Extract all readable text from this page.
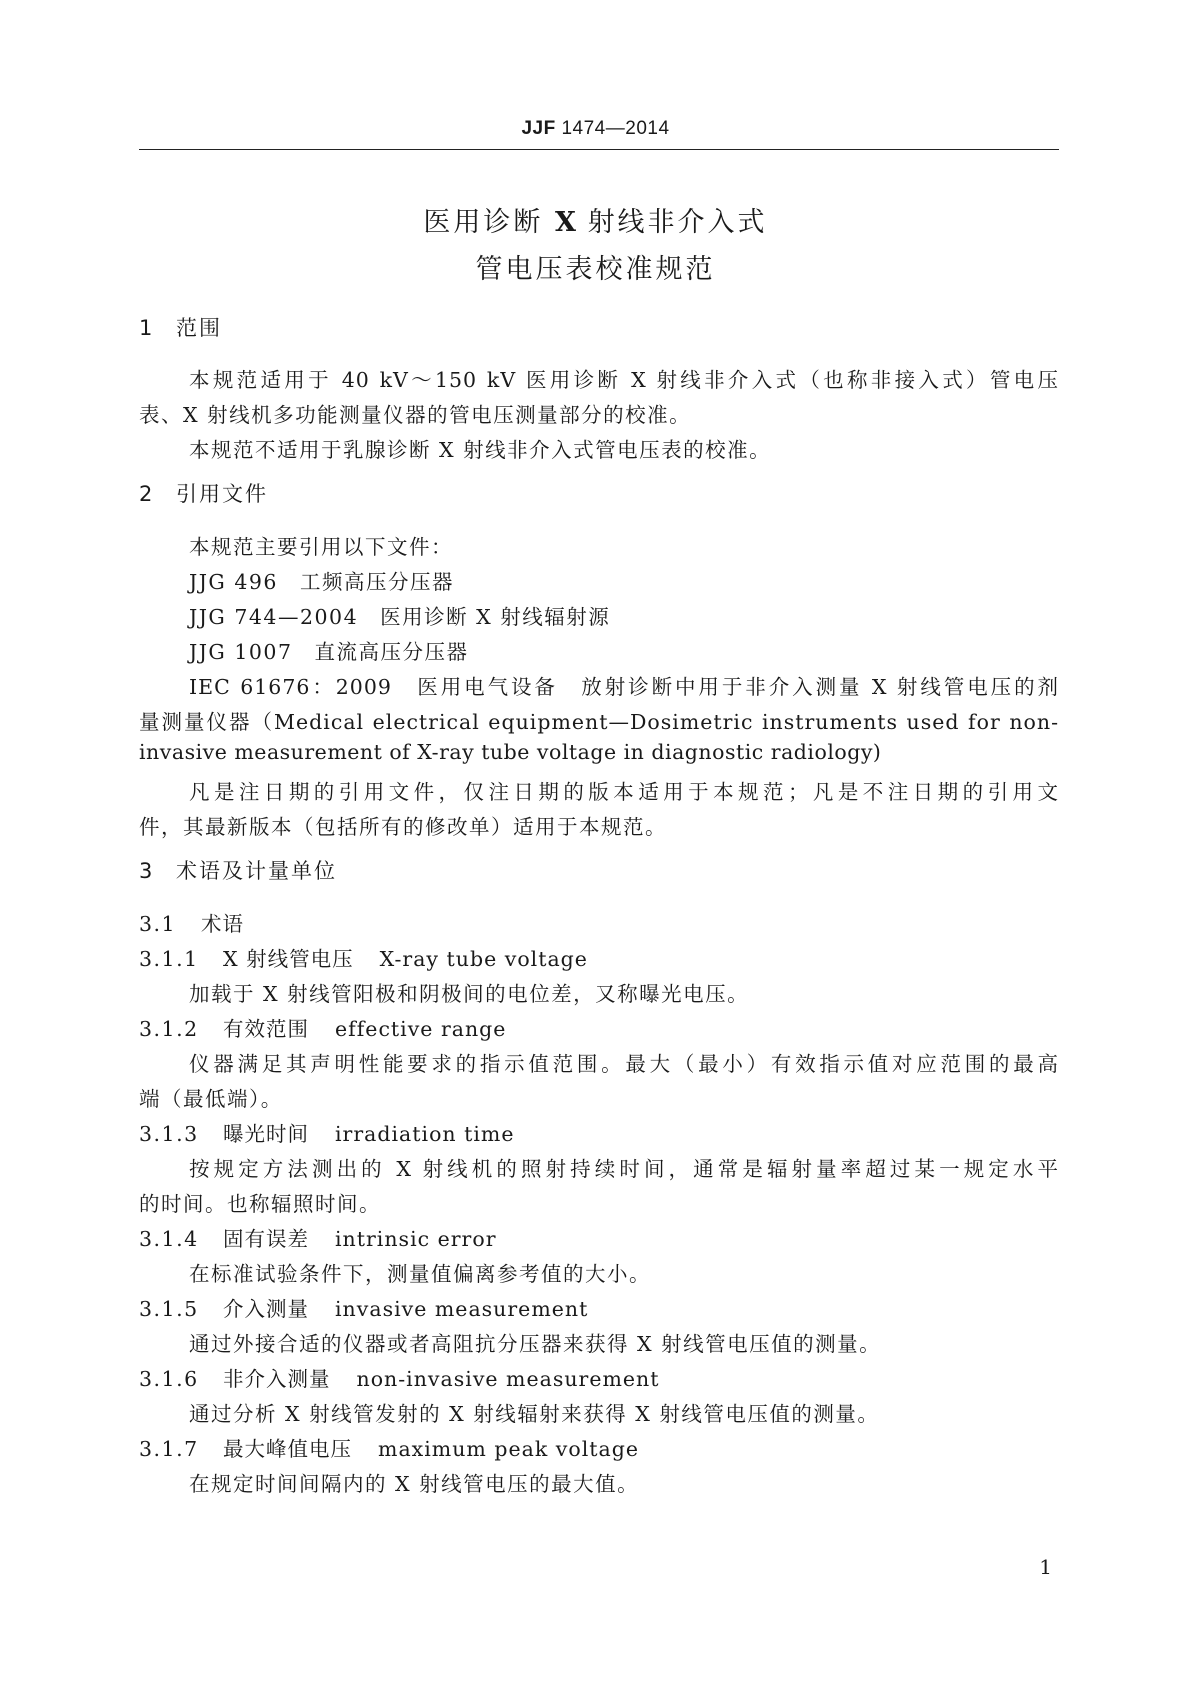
JJF 1474—2014
医用诊断 X 射线非介入式
管电压表校准规范
1 范围
本规范适用于 40 kV～150 kV 医用诊断 X 射线非介入式（也称非接入式）管电压
表、X 射线机多功能测量仪器的管电压测量部分的校准。
本规范不适用于乳腺诊断 X 射线非介入式管电压表的校准。
2 引用文件
本规范主要引用以下文件：
JJG 496　工频高压分压器
JJG 744—2004　医用诊断 X 射线辐射源
JJG 1007　直流高压分压器
IEC 61676：2009　医用电气设备　放射诊断中用于非介入测量 X 射线管电压的剂
量测量仪器（Medical electrical equipment—Dosimetric instruments used for non-
invasive measurement of X-ray tube voltage in diagnostic radiology)
凡是注日期的引用文件，仅注日期的版本适用于本规范；凡是不注日期的引用文
件，其最新版本（包括所有的修改单）适用于本规范。
3 术语及计量单位
3.1 术语
3.1.1 X 射线管电压 X-ray tube voltage
加载于 X 射线管阳极和阴极间的电位差，又称曝光电压。
3.1.2 有效范围 effective range
仪器满足其声明性能要求的指示值范围。最大（最小）有效指示值对应范围的最高
端（最低端）。
3.1.3 曝光时间 irradiation time
按规定方法测出的 X 射线机的照射持续时间，通常是辐射量率超过某一规定水平
的时间。也称辐照时间。
3.1.4 固有误差 intrinsic error
在标准试验条件下，测量值偏离参考值的大小。
3.1.5 介入测量 invasive measurement
通过外接合适的仪器或者高阻抗分压器来获得 X 射线管电压值的测量。
3.1.6 非介入测量 non-invasive measurement
通过分析 X 射线管发射的 X 射线辐射来获得 X 射线管电压值的测量。
3.1.7 最大峰值电压 maximum peak voltage
在规定时间间隔内的 X 射线管电压的最大值。
1
